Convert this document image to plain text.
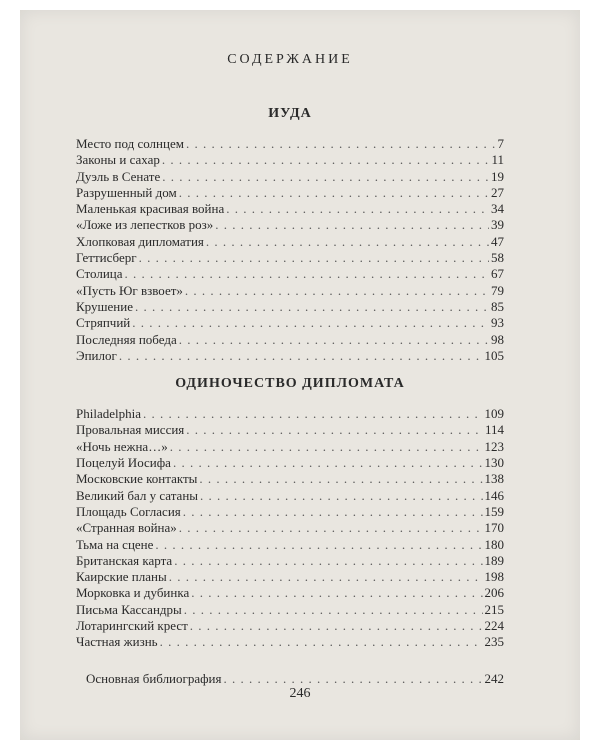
СОДЕРЖАНИЕ
ИУДА
Место под солнцем . . .	7
Законы и сахар . . .	11
Дуэль в Сенате . . .	19
Разрушенный дом . . .	27
Маленькая красивая война . . .	34
«Ложе из лепестков роз» . . .	39
Хлопковая дипломатия . . .	47
Геттисберг . . .	58
Столица . . .	67
«Пусть Юг взвоет» . . .	79
Крушение . . .	85
Стряпчий . . .	93
Последняя победа . . .	98
Эпилог . . .	105
ОДИНОЧЕСТВО ДИПЛОМАТА
Philadelphia . . .	109
Провальная миссия . . .	114
«Ночь нежна…» . . .	123
Поцелуй Иосифа . . .	130
Московские контакты . . .	138
Великий бал у сатаны . . .	146
Площадь Согласия . . .	159
«Странная война» . . .	170
Тьма на сцене . . .	180
Британская карта . . .	189
Каирские планы . . .	198
Морковка и дубинка . . .	206
Письма Кассандры . . .	215
Лотарингский крест . . .	224
Частная жизнь . . .	235
Основная библиография . . .	242
246
